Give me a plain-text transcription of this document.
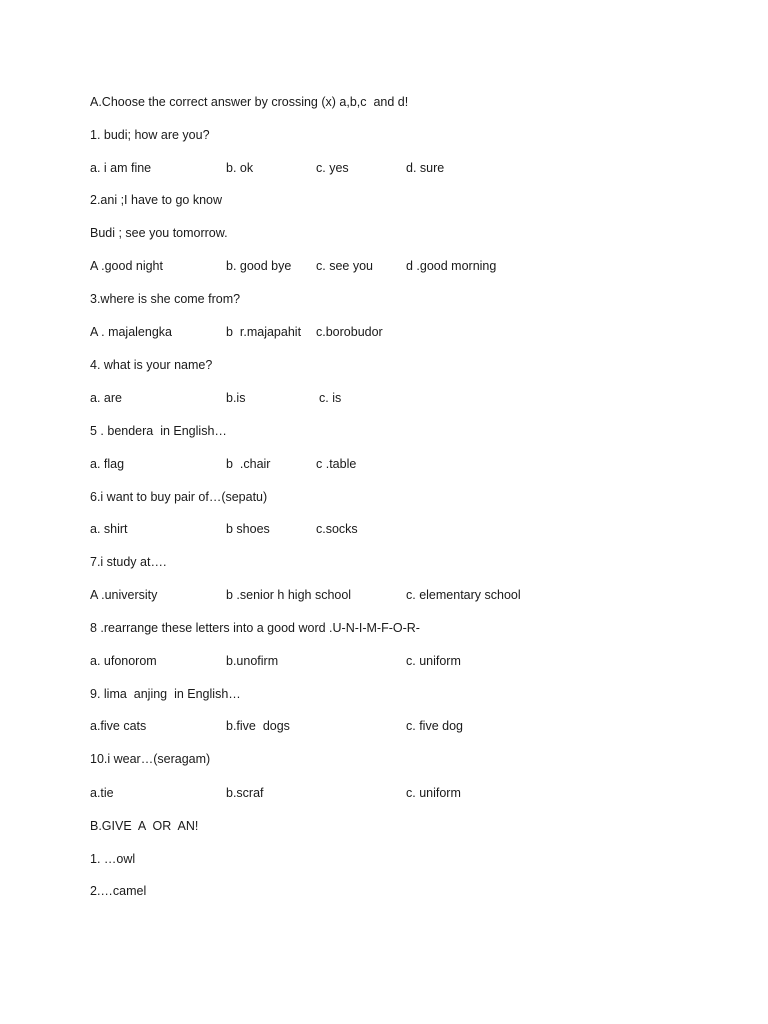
A.Choose the correct answer by crossing (x) a,b,c  and d!
1. budi; how are you?
a. i am fine	b. ok	c. yes	d. sure
2.ani ;I have to go know
Budi ; see you tomorrow.
A .good night	b. good bye c. see you	d .good morning
3.where is she come from?
A . majalengka	b  r.majapahit c.borobudor
4. what is your name?
a. are	b.is	c. is
5 . bendera  in English…
a. flag	b  .chair	c .table
6.i want to buy pair of…(sepatu)
a. shirt	b shoes	c.socks
7.i study at….
A .university	b .senior h high school	c. elementary school
8 .rearrange these letters into a good word .U-N-I-M-F-O-R-
a. ufonorom	b.unofirm	c. uniform
9. lima  anjing  in English…
a.five cats	b.five  dogs	c. five dog
10.i wear…(seragam)
a.tie	b.scraf	c. uniform
B.GIVE  A  OR  AN!
1. …owl
2.…camel
